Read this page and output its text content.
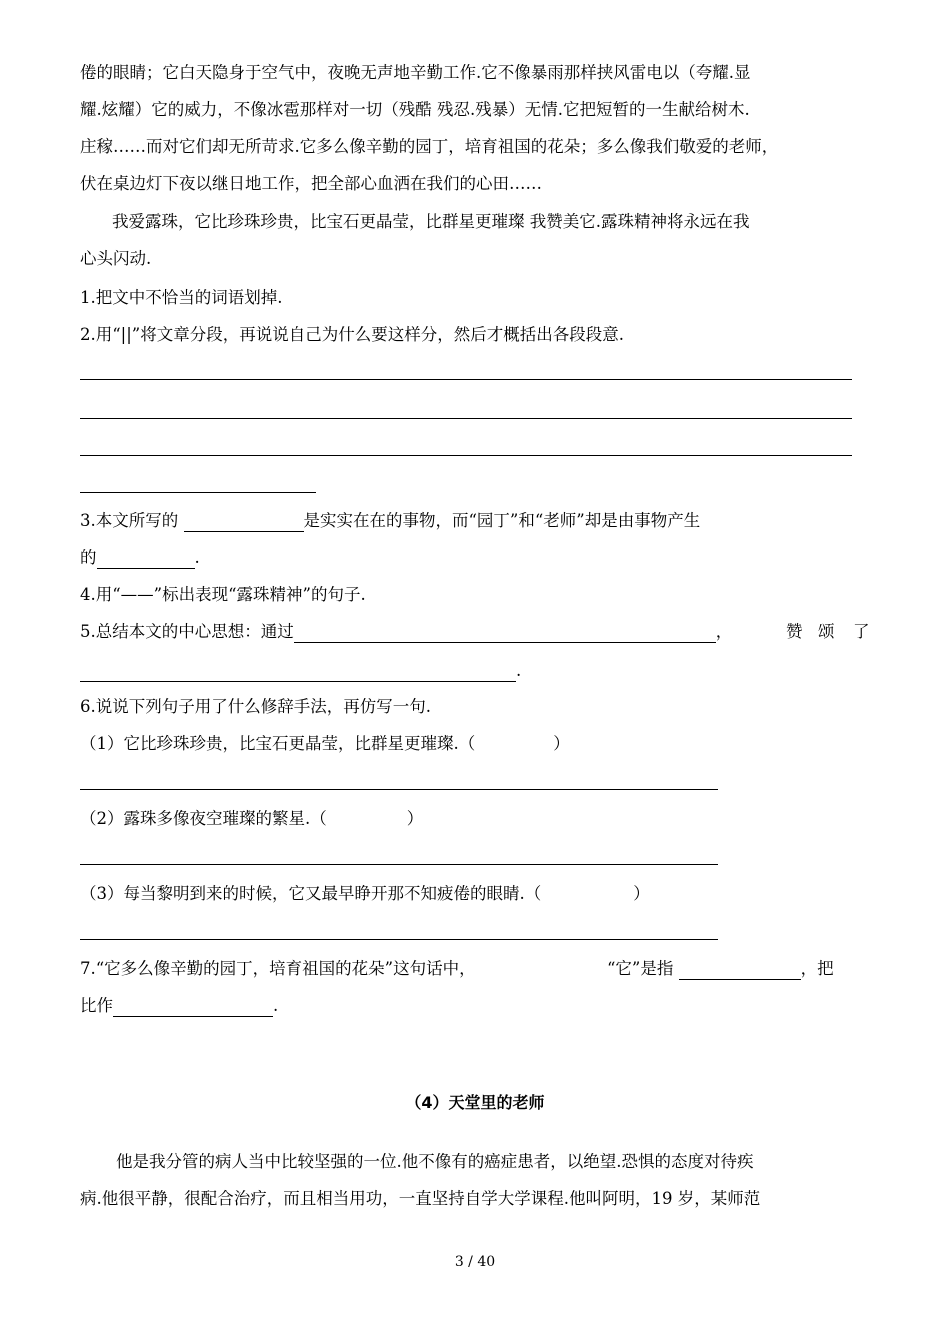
倦的眼睛；它白天隐身于空气中，夜晚无声地辛勤工作.它不像暴雨那样挟风雷电以（夸耀.显
耀.炫耀）它的威力，不像冰雹那样对一切（残酷 残忍.残暴）无情.它把短暂的一生献给树木.
庄稼……而对它们却无所苛求.它多么像辛勤的园丁，培育祖国的花朵；多么像我们敬爱的老师，
伏在桌边灯下夜以继日地工作，把全部心血洒在我们的心田……
我爱露珠，它比珍珠珍贵，比宝石更晶莹，比群星更璀璨 我赞美它.露珠精神将永远在我
心头闪动.
1.把文中不恰当的词语划掉.
2.用“||”将文章分段，再说说自己为什么要这样分，然后才概括出各段段意.
3.本文所写的	是实实在在的事物，而“园丁”和“老师”却是由事物产生
的	.
4.用“——”标出表现“露珠精神”的句子.
5.总结本文的中心思想：通过	，	赞 颂 了
.
6.说说下列句子用了什么修辞手法，再仿写一句.
（1）它比珍珠珍贵，比宝石更晶莹，比群星更璀璨.（	）
（2）露珠多像夜空璀璨的繁星.（	）
（3）每当黎明到来的时候，它又最早睁开那不知疲倦的眼睛.（	）
7.“它多么像辛勤的园丁，培育祖国的花朵”这句话中，	“它”是指	，把
比作	.
（4）天堂里的老师
他是我分管的病人当中比较坚强的一位.他不像有的癌症患者，以绝望.恐惧的态度对待疾
病.他很平静，很配合治疗，而且相当用功，一直坚持自学大学课程.他叫阿明，19 岁，某师范
3 / 40
